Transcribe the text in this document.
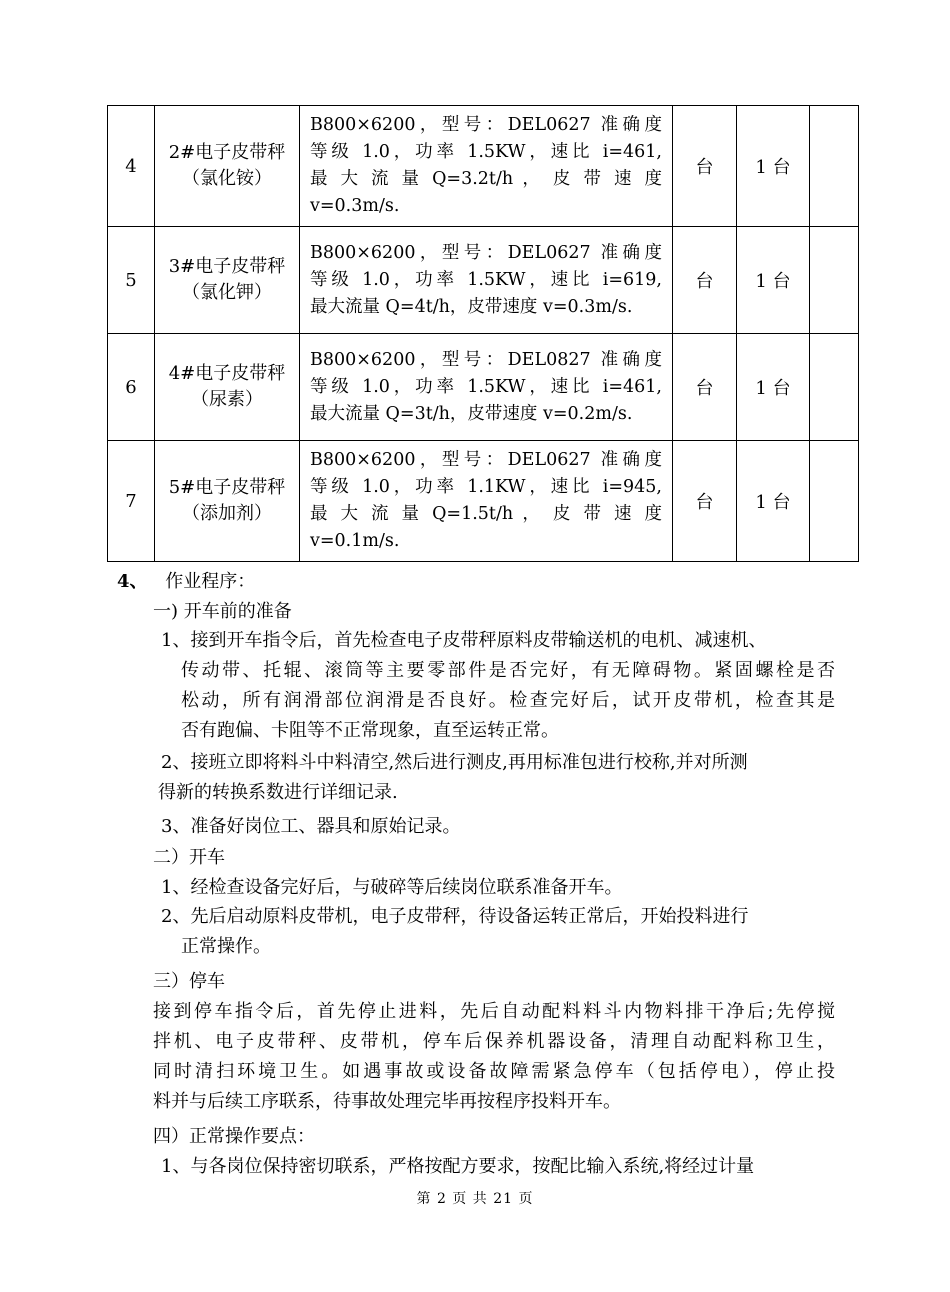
4	2#电子皮带秤
（氯化铵）	B800×6200，型号：DEL0627 准确度
等级 1.0，功率 1.5KW，速比 i=461,
最 大 流 量 Q=3.2t/h ， 皮 带 速 度
v=0.3m/s.	台	1 台	
5	3#电子皮带秤
（氯化钾）	B800×6200，型号：DEL0627 准确度
等级 1.0，功率 1.5KW，速比 i=619,
最大流量 Q=4t/h，皮带速度 v=0.3m/s.	台	1 台	
6	4#电子皮带秤
（尿素）	B800×6200，型号：DEL0827 准确度
等级 1.0，功率 1.5KW，速比 i=461,
最大流量 Q=3t/h，皮带速度 v=0.2m/s.	台	1 台	
7	5#电子皮带秤
（添加剂）	B800×6200，型号：DEL0627 准确度
等级 1.0，功率 1.1KW，速比 i=945,
最 大 流 量 Q=1.5t/h ， 皮 带 速 度
v=0.1m/s.	台	1 台	
4、 作业程序：
一) 开车前的准备
1、接到开车指令后，首先检查电子皮带秤原料皮带输送机的电机、减速机、
传动带、托辊、滚筒等主要零部件是否完好，有无障碍物。紧固螺栓是否
松动，所有润滑部位润滑是否良好。检查完好后，试开皮带机，检查其是
否有跑偏、卡阻等不正常现象，直至运转正常。
2、接班立即将料斗中料清空,然后进行测皮,再用标准包进行校称,并对所测
得新的转换系数进行详细记录.
3、准备好岗位工、器具和原始记录。
二）开车
1、经检查设备完好后，与破碎等后续岗位联系准备开车。
2、先后启动原料皮带机，电子皮带秤，待设备运转正常后，开始投料进行
正常操作。
三）停车
接到停车指令后，首先停止进料，先后自动配料料斗内物料排干净后;先停搅
拌机、电子皮带秤、皮带机，停车后保养机器设备，清理自动配料称卫生，
同时清扫环境卫生。如遇事故或设备故障需紧急停车（包括停电），停止投
料并与后续工序联系，待事故处理完毕再按程序投料开车。
四）正常操作要点：
1、与各岗位保持密切联系，严格按配方要求，按配比输入系统,将经过计量
第 2 页 共 21 页
